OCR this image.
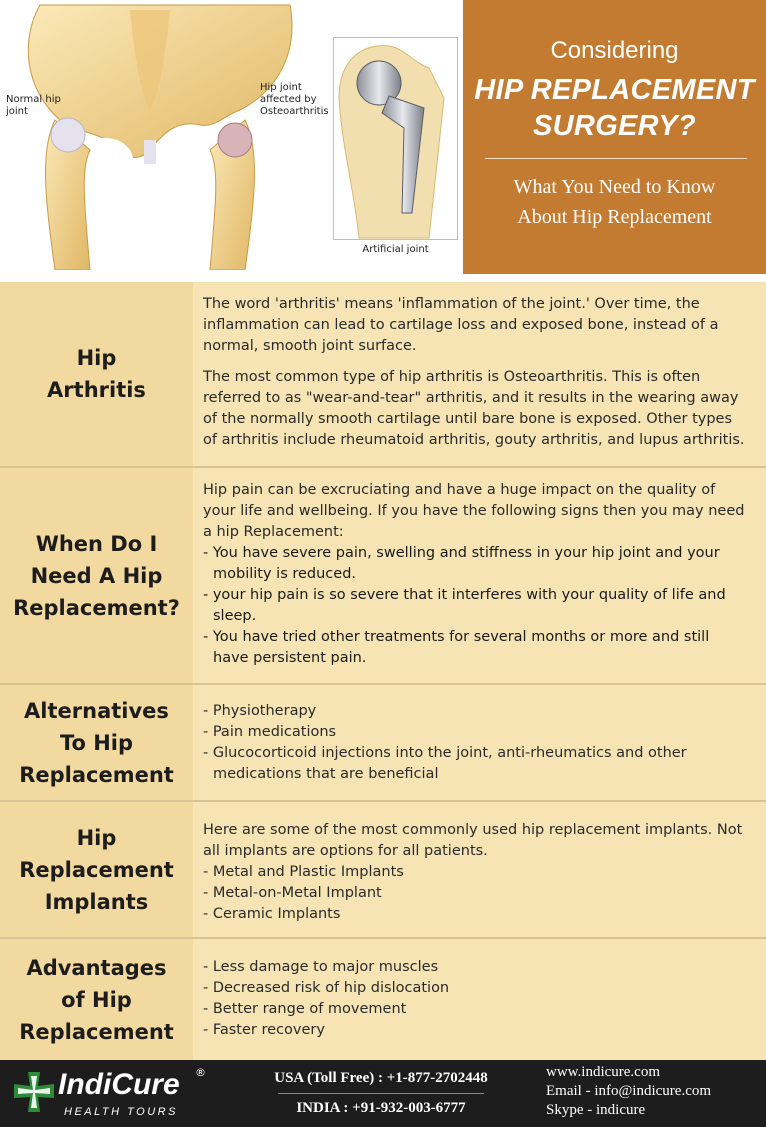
Normal hip joint
Hip joint affected by Osteoarthritis
Artificial joint
Considering
HIP REPLACEMENT
SURGERY?
What You Need to Know
About Hip Replacement
Hip
Arthritis

The word 'arthritis' means 'inflammation of the joint.' Over time, the inflammation can lead to cartilage loss and exposed bone, instead of a normal, smooth joint surface.

The most common type of hip arthritis is Osteoarthritis. This is often referred to as "wear-and-tear" arthritis, and it results in the wearing away of the normally smooth cartilage until bare bone is exposed. Other types of arthritis include rheumatoid arthritis, gouty arthritis, and lupus arthritis.

When Do I
Need A Hip
Replacement?

Hip pain can be excruciating and have a huge impact on the quality of your life and wellbeing. If you have the following signs then you may need a hip Replacement:

- You have severe pain, swelling and stiffness in your hip joint and your mobility is reduced.

- your hip pain is so severe that it interferes with your quality of life and sleep.

- You have tried other treatments for several months or more and still have persistent pain.

Alternatives
To Hip
Replacement

- Physiotherapy

- Pain medications

- Glucocorticoid injections into the joint, anti-rheumatics and other medications that are beneficial

Hip
Replacement
Implants

Here are some of the most commonly used hip replacement implants. Not all implants are options for all patients.

- Metal and Plastic Implants

- Metal-on-Metal Implant

- Ceramic Implants

Advantages
of Hip
Replacement

- Less damage to major muscles

- Decreased risk of hip dislocation

- Better range of movement

- Faster recovery

IndiCure ®
HEALTH TOURS
USA (Toll Free) : +1-877-2702448
INDIA : +91-932-003-6777
www.indicure.com
Email - info@indicure.com
Skype - indicure
